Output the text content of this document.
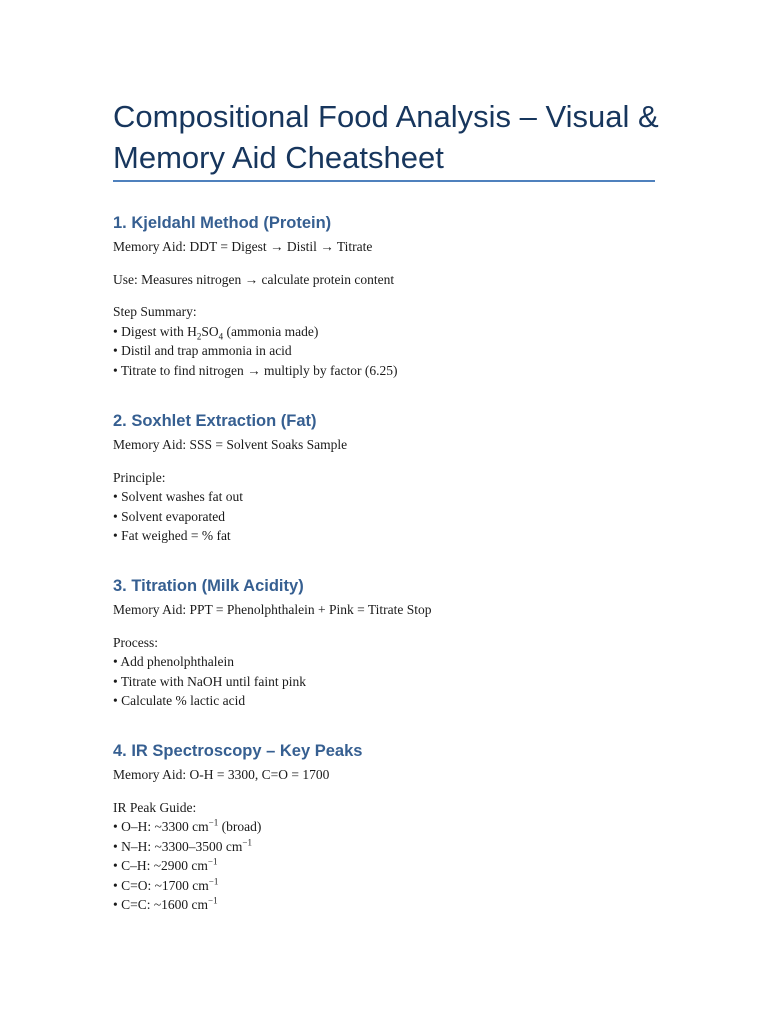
Compositional Food Analysis – Visual & Memory Aid Cheatsheet
1. Kjeldahl Method (Protein)
Memory Aid: DDT = Digest → Distil → Titrate
Use: Measures nitrogen → calculate protein content
Step Summary:
• Digest with $H_2SO_4$ (ammonia made)
• Distil and trap ammonia in acid
• Titrate to find nitrogen → multiply by factor (6.25)
2. Soxhlet Extraction (Fat)
Memory Aid: SSS = Solvent Soaks Sample
Principle:
• Solvent washes fat out
• Solvent evaporated
• Fat weighed = % fat
3. Titration (Milk Acidity)
Memory Aid: PPT = Phenolphthalein + Pink = Titrate Stop
Process:
• Add phenolphthalein
• Titrate with NaOH until faint pink
• Calculate % lactic acid
4. IR Spectroscopy – Key Peaks
Memory Aid: O-H = 3300, C=O = 1700
IR Peak Guide:
• O–H: ~3300 $cm^{-1}$ (broad)
• N–H: ~3300–3500 $cm^{-1}$
• C–H: ~2900 $cm^{-1}$
• C=O: ~1700 $cm^{-1}$
• C=C: ~1600 $cm^{-1}$
